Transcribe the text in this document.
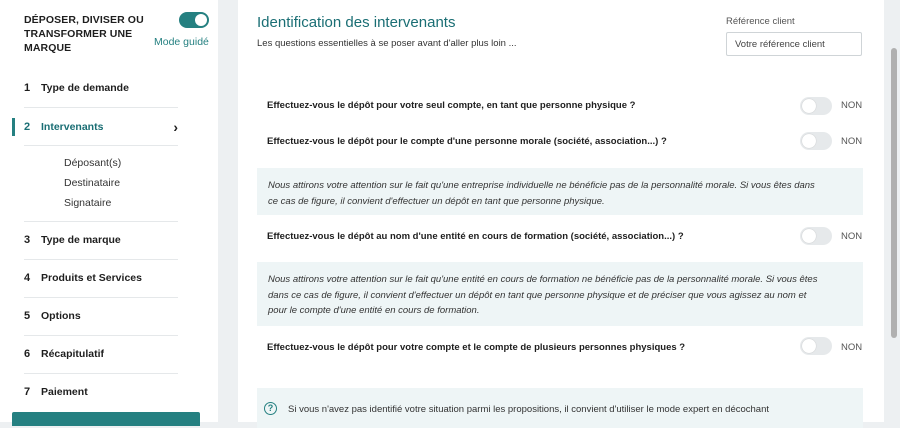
DÉPOSER, DIVISER OU TRANSFORMER UNE MARQUE	Mode guidé
1	Type de demande
2	Intervenants	›
Déposant(s)
Destinataire
Signataire
3	Type de marque
4	Produits et Services
5	Options
6	Récapitulatif
7	Paiement
Identification des intervenants
Les questions essentielles à se poser avant d'aller plus loin ...
Référence client
Votre référence client
Effectuez-vous le dépôt pour votre seul compte, en tant que personne physique ?	NON
Effectuez-vous le dépôt pour le compte d'une personne morale (société, association...) ?	NON
Nous attirons votre attention sur le fait qu'une entreprise individuelle ne bénéficie pas de la personnalité morale. Si vous êtes dans
ce cas de figure, il convient d'effectuer un dépôt en tant que personne physique.
Effectuez-vous le dépôt au nom d'une entité en cours de formation (société, association...) ?	NON
Nous attirons votre attention sur le fait qu'une entité en cours de formation ne bénéficie pas de la personnalité morale. Si vous êtes
dans ce cas de figure, il convient d'effectuer un dépôt en tant que personne physique et de préciser que vous agissez au nom et
pour le compte d'une entité en cours de formation.
Effectuez-vous le dépôt pour votre compte et le compte de plusieurs personnes physiques ?	NON
?	Si vous n'avez pas identifié votre situation parmi les propositions, il convient d'utiliser le mode expert en décochant
